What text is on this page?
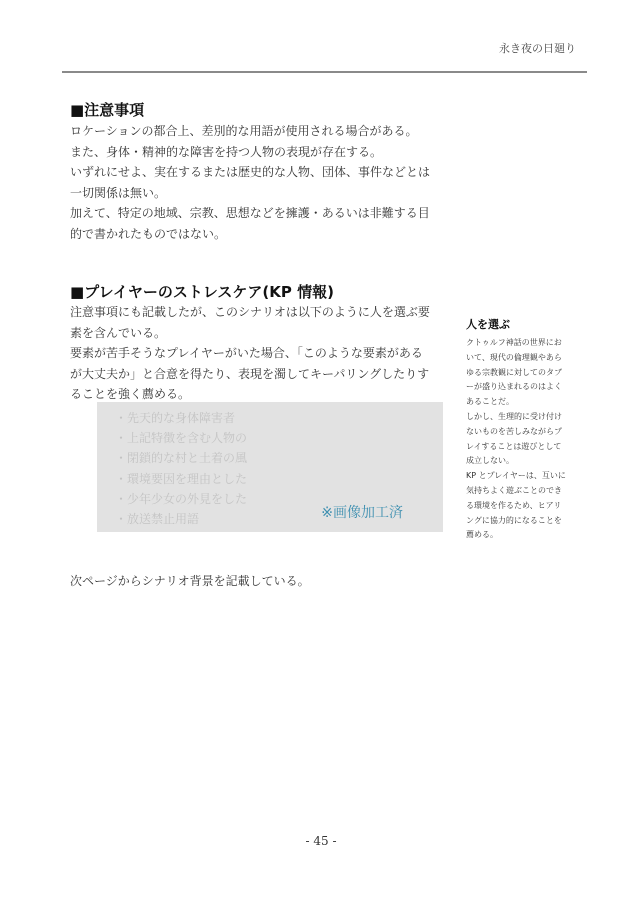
永き夜の日廻り
■注意事項

ロケーションの都合上、差別的な用語が使用される場合がある。

また、身体・精神的な障害を持つ人物の表現が存在する。

いずれにせよ、実在するまたは歴史的な人物、団体、事件などとは

一切関係は無い。

加えて、特定の地域、宗教、思想などを擁護・あるいは非難する目

的で書かれたものではない。

■プレイヤーのストレスケア(KP 情報)

注意事項にも記載したが、このシナリオは以下のように人を選ぶ要

素を含んでいる。

要素が苦手そうなプレイヤーがいた場合、「このような要素がある

が大丈夫か」と合意を得たり、表現を濁してキーパリングしたりす

ることを強く薦める。

・先天的な身体障害者
・上記特徴を含む人物の
・閉鎖的な村と土着の風
・環境要因を理由とした
・少年少女の外見をした
・放送禁止用語	※画像加工済

人を選ぶ

クトゥルフ神話の世界にお

いて、現代の倫理観やあら

ゆる宗教観に対してのタブ

ーが盛り込まれるのはよく

あることだ。

しかし、生理的に受け付け

ないものを苦しみながらプ

レイすることは遊びとして

成立しない。

KP とプレイヤーは、互いに

気持ちよく遊ぶことのでき

る環境を作るため、ヒアリ

ングに協力的になることを

薦める。

次ページからシナリオ背景を記載している。
- 45 -
